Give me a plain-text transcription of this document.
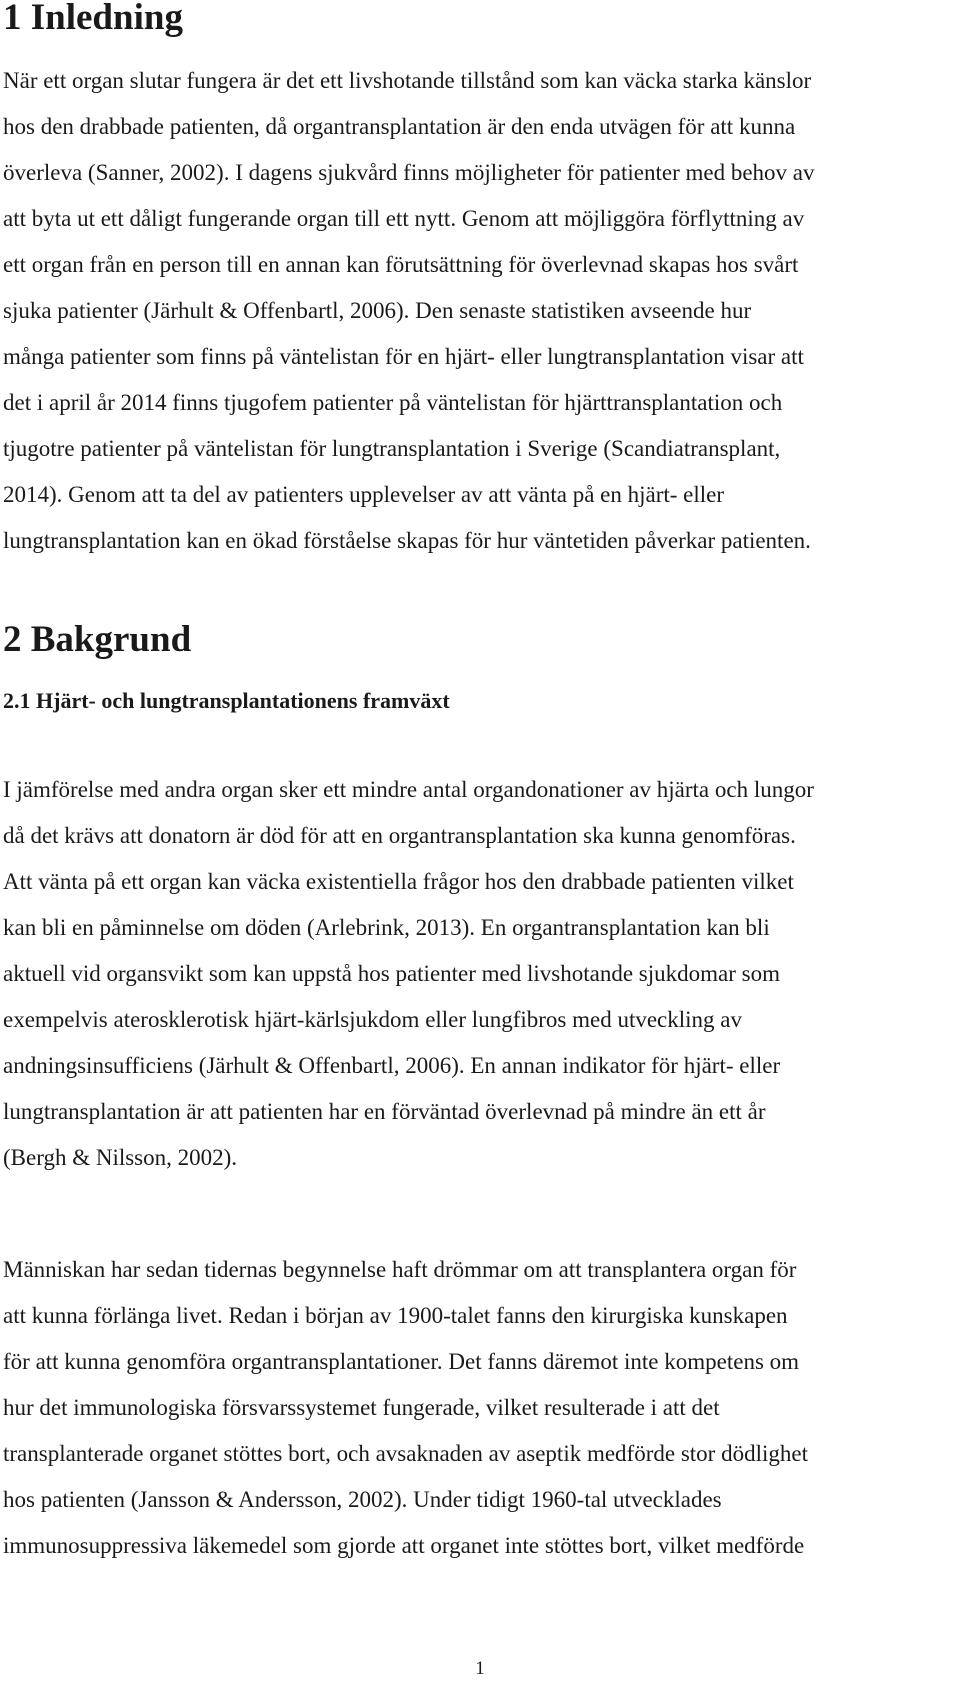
1 Inledning
När ett organ slutar fungera är det ett livshotande tillstånd som kan väcka starka känslor
hos den drabbade patienten, då organtransplantation är den enda utvägen för att kunna
överleva (Sanner, 2002). I dagens sjukvård finns möjligheter för patienter med behov av
att byta ut ett dåligt fungerande organ till ett nytt. Genom att möjliggöra förflyttning av
ett organ från en person till en annan kan förutsättning för överlevnad skapas hos svårt
sjuka patienter (Järhult & Offenbartl, 2006). Den senaste statistiken avseende hur
många patienter som finns på väntelistan för en hjärt- eller lungtransplantation visar att
det i april år 2014 finns tjugofem patienter på väntelistan för hjärttransplantation och
tjugotre patienter på väntelistan för lungtransplantation i Sverige (Scandiatransplant,
2014). Genom att ta del av patienters upplevelser av att vänta på en hjärt- eller
lungtransplantation kan en ökad förståelse skapas för hur väntetiden påverkar patienten.
2 Bakgrund
2.1 Hjärt- och lungtransplantationens framväxt
I jämförelse med andra organ sker ett mindre antal organdonationer av hjärta och lungor
då det krävs att donatorn är död för att en organtransplantation ska kunna genomföras.
Att vänta på ett organ kan väcka existentiella frågor hos den drabbade patienten vilket
kan bli en påminnelse om döden (Arlebrink, 2013). En organtransplantation kan bli
aktuell vid organsvikt som kan uppstå hos patienter med livshotande sjukdomar som
exempelvis aterosklerotisk hjärt-kärlsjukdom eller lungfibros med utveckling av
andningsinsufficiens (Järhult & Offenbartl, 2006). En annan indikator för hjärt- eller
lungtransplantation är att patienten har en förväntad överlevnad på mindre än ett år
(Bergh & Nilsson, 2002).
Människan har sedan tidernas begynnelse haft drömmar om att transplantera organ för
att kunna förlänga livet. Redan i början av 1900-talet fanns den kirurgiska kunskapen
för att kunna genomföra organtransplantationer. Det fanns däremot inte kompetens om
hur det immunologiska försvarssystemet fungerade, vilket resulterade i att det
transplanterade organet stöttes bort, och avsaknaden av aseptik medförde stor dödlighet
hos patienten (Jansson & Andersson, 2002). Under tidigt 1960-tal utvecklades
immunosuppressiva läkemedel som gjorde att organet inte stöttes bort, vilket medförde
1
